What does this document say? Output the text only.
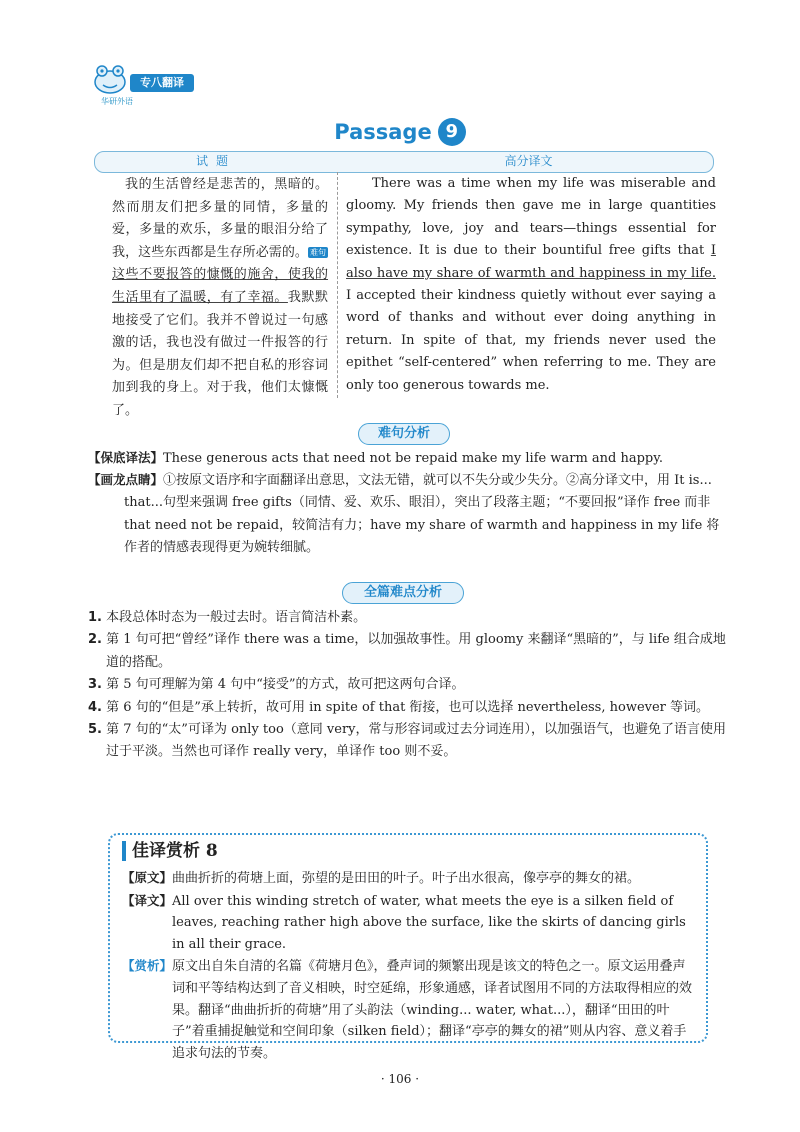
华研外语
专八翻译
Passage 9
试题	高分译文
我的生活曾经是悲苦的，黑暗的。然而朋友们把多量的同情，多量的爱，多量的欢乐，多量的眼泪分给了我，这些东西都是生存所必需的。 难句这些不要报答的慷慨的施舍，使我的生活里有了温暖，有了幸福。我默默地接受了它们。我并不曾说过一句感激的话，我也没有做过一件报答的行为。但是朋友们却不把自私的形容词加到我的身上。对于我，他们太慷慨了。
There was a time when my life was miserable and gloomy. My friends then gave me in large quantities sympathy, love, joy and tears—things essential for existence. It is due to their bountiful free gifts that I also have my share of warmth and happiness in my life. I accepted their kindness quietly without ever saying a word of thanks and without ever doing anything in return. In spite of that, my friends never used the epithet “self-centered” when referring to me. They are only too generous towards me.
难句分析
【保底译法】These generous acts that need not be repaid make my life warm and happy.
【画龙点睛】①按原文语序和字面翻译出意思，文法无错，就可以不失分或少失分。②高分译文中，用 It is... that...句型来强调 free gifts（同情、爱、欢乐、眼泪），突出了段落主题；“不要回报”译作 free 而非 that need not be repaid，较简洁有力；have my share of warmth and happiness in my life 将作者的情感表现得更为婉转细腻。
全篇难点分析
1. 本段总体时态为一般过去时。语言简洁朴素。
2. 第 1 句可把“曾经”译作 there was a time，以加强故事性。用 gloomy 来翻译“黑暗的”，与 life 组合成地道的搭配。
3. 第 5 句可理解为第 4 句中“接受”的方式，故可把这两句合译。
4. 第 6 句的“但是”承上转折，故可用 in spite of that 衔接，也可以选择 nevertheless, however 等词。
5. 第 7 句的“太”可译为 only too（意同 very，常与形容词或过去分词连用），以加强语气，也避免了语言使用过于平淡。当然也可译作 really very，单译作 too 则不妥。
佳译赏析 8
【原文】曲曲折折的荷塘上面，弥望的是田田的叶子。叶子出水很高，像亭亭的舞女的裙。
【译文】All over this winding stretch of water, what meets the eye is a silken field of leaves, reaching rather high above the surface, like the skirts of dancing girls in all their grace.
【赏析】原文出自朱自清的名篇《荷塘月色》，叠声词的频繁出现是该文的特色之一。原文运用叠声词和平等结构达到了音义相映，时空延绵，形象通感，译者试图用不同的方法取得相应的效果。翻译“曲曲折折的荷塘”用了头韵法（winding... water, what...），翻译“田田的叶子”着重捕捉触觉和空间印象（silken field）；翻译“亭亭的舞女的裙”则从内容、意义着手追求句法的节奏。
· 106 ·
